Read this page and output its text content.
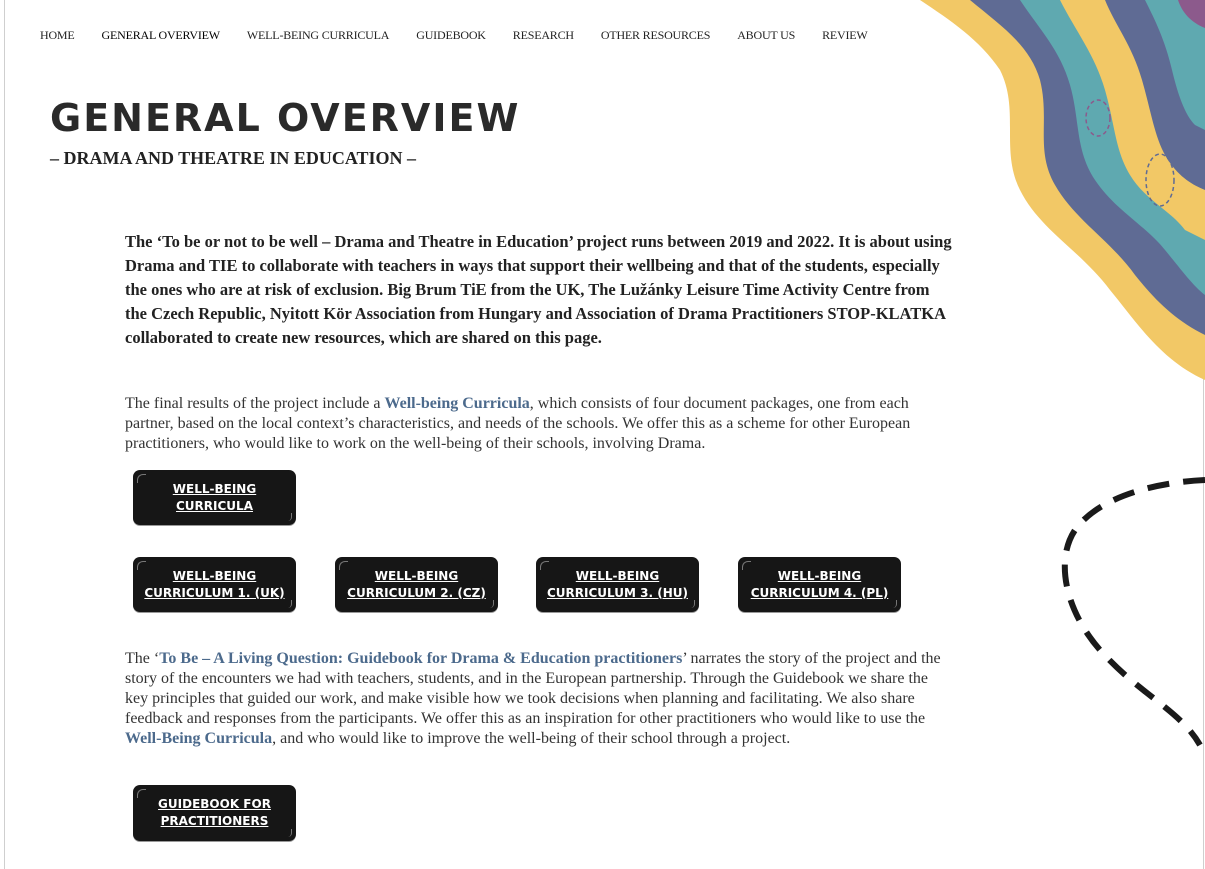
HOME GENERAL OVERVIEW WELL-BEING CURRICULA GUIDEBOOK RESEARCH OTHER RESOURCES ABOUT US REVIEW
GENERAL OVERVIEW
– DRAMA AND THEATRE IN EDUCATION –

The ‘To be or not to be well – Drama and Theatre in Education’ project runs between 2019 and 2022. It is about using Drama and TIE to collaborate with teachers in ways that support their wellbeing and that of the students, especially the ones who are at risk of exclusion. Big Brum TiE from the UK, The Lužánky Leisure Time Activity Centre from the Czech Republic, Nyitott Kör Association from Hungary and Association of Drama Practitioners STOP-KLATKA collaborated to create new resources, which are shared on this page.

The final results of the project include a Well-being Curricula, which consists of four document packages, one from each partner, based on the local context’s characteristics, and needs of the schools. We offer this as a scheme for other European practitioners, who would like to work on the well-being of their schools, involving Drama.

WELL-BEING CURRICULA
WELL-BEING CURRICULUM 1. (UK)
WELL-BEING CURRICULUM 2. (CZ)
WELL-BEING CURRICULUM 3. (HU)
WELL-BEING CURRICULUM 4. (PL)

The ‘To Be – A Living Question: Guidebook for Drama & Education practitioners’ narrates the story of the project and the story of the encounters we had with teachers, students, and in the European partnership. Through the Guidebook we share the key principles that guided our work, and make visible how we took decisions when planning and facilitating. We also share feedback and responses from the participants. We offer this as an inspiration for other practitioners who would like to use the Well-Being Curricula, and who would like to improve the well-being of their school through a project.

GUIDEBOOK FOR PRACTITIONERS
